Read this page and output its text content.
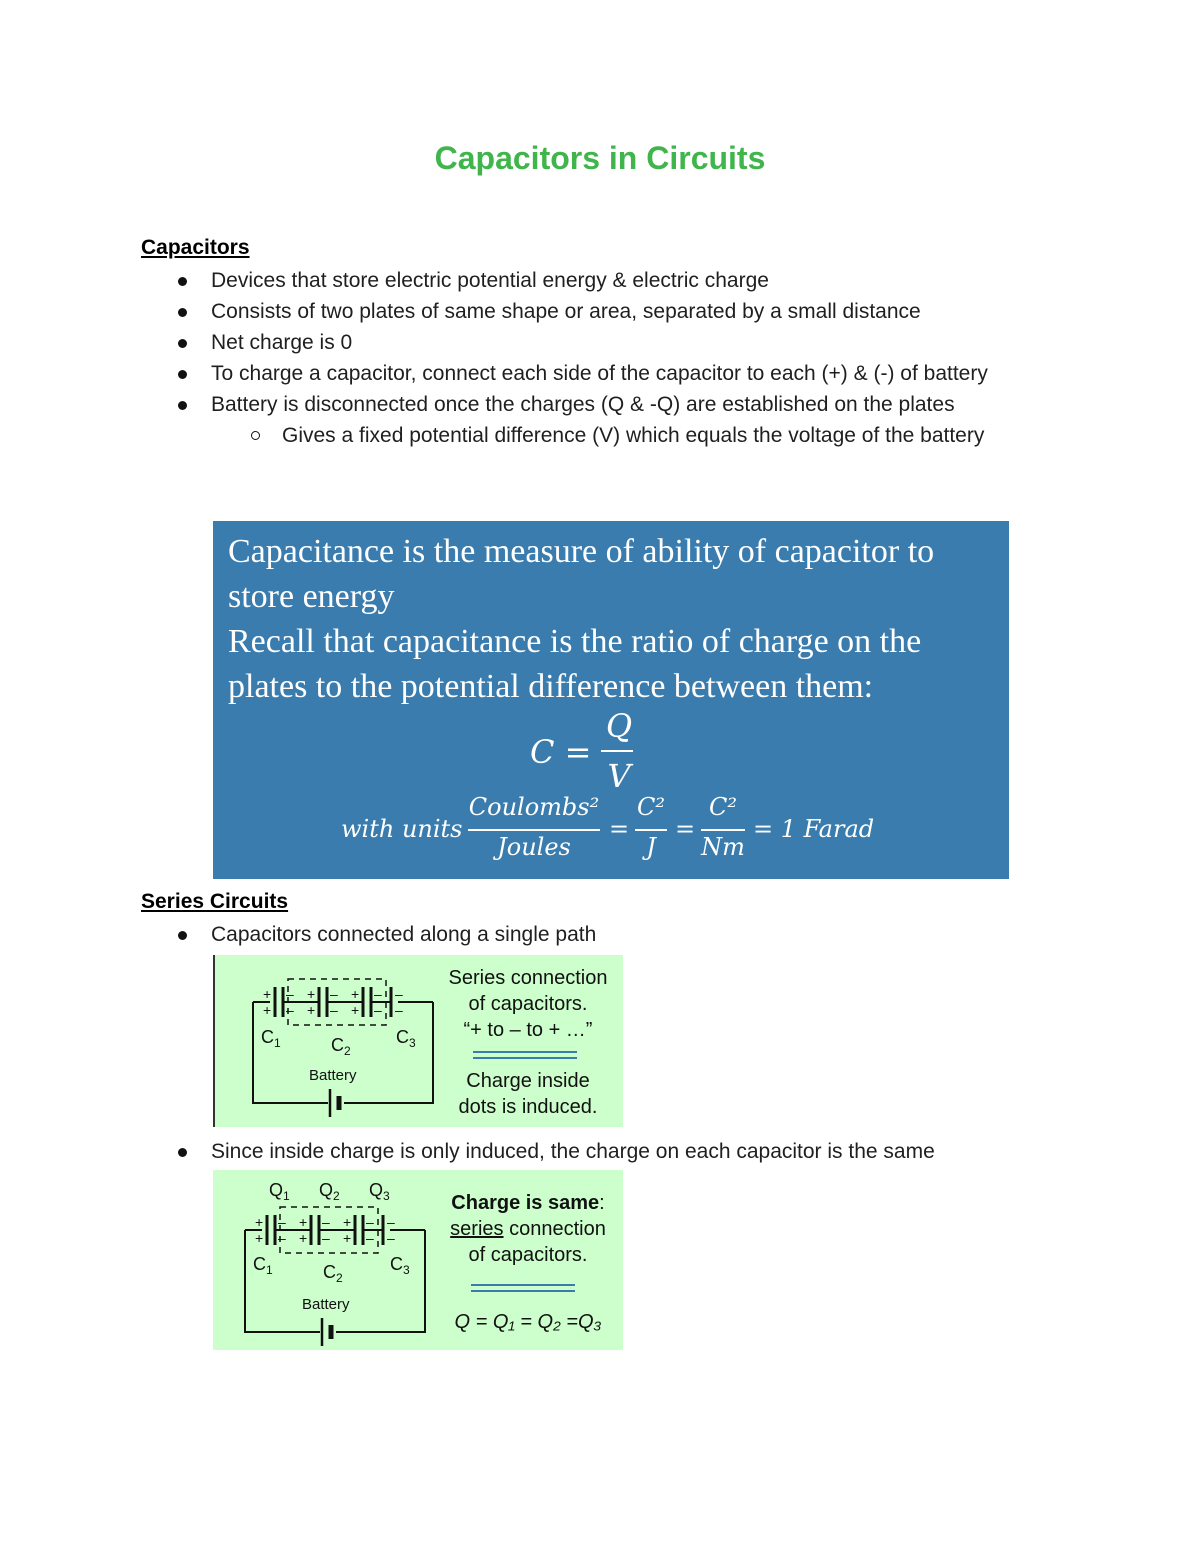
Capacitors in Circuits
Capacitors
Devices that store electric potential energy & electric charge
Consists of two plates of same shape or area, separated by a small distance
Net charge is 0
To charge a capacitor, connect each side of the capacitor to each (+) & (-) of battery
Battery is disconnected once the charges (Q & -Q) are established on the plates
Gives a fixed potential difference (V) which equals the voltage of the battery
Capacitance is the measure of ability of capacitor to
store energy
Recall that capacitance is the ratio of charge on the
plates to the potential difference between them:
C =
Q
V
with units
Coulombs²
Joules
=
C²
J
=
C²
Nm
= 1 Farad
Series Circuits
Capacitors connected along a single path
+
+
–
–
+
+
–
–
+
+
–
–
–
–
$C_1$	$C_2$
$C_3$
Battery
Series connection
of capacitors.
“+ to – to + …”
Charge inside
dots is induced.
Since inside charge is only induced, the charge on each capacitor is the same
$Q_1$ $Q_2$ $Q_3$
+
+
–
–
+
+
–
–
+
+
–
–
–
–
$C_1$	$C_2$
$C_3$
Battery
Charge is same:
series connection
of capacitors.
Q = Q₁ = Q₂ =Q₃
